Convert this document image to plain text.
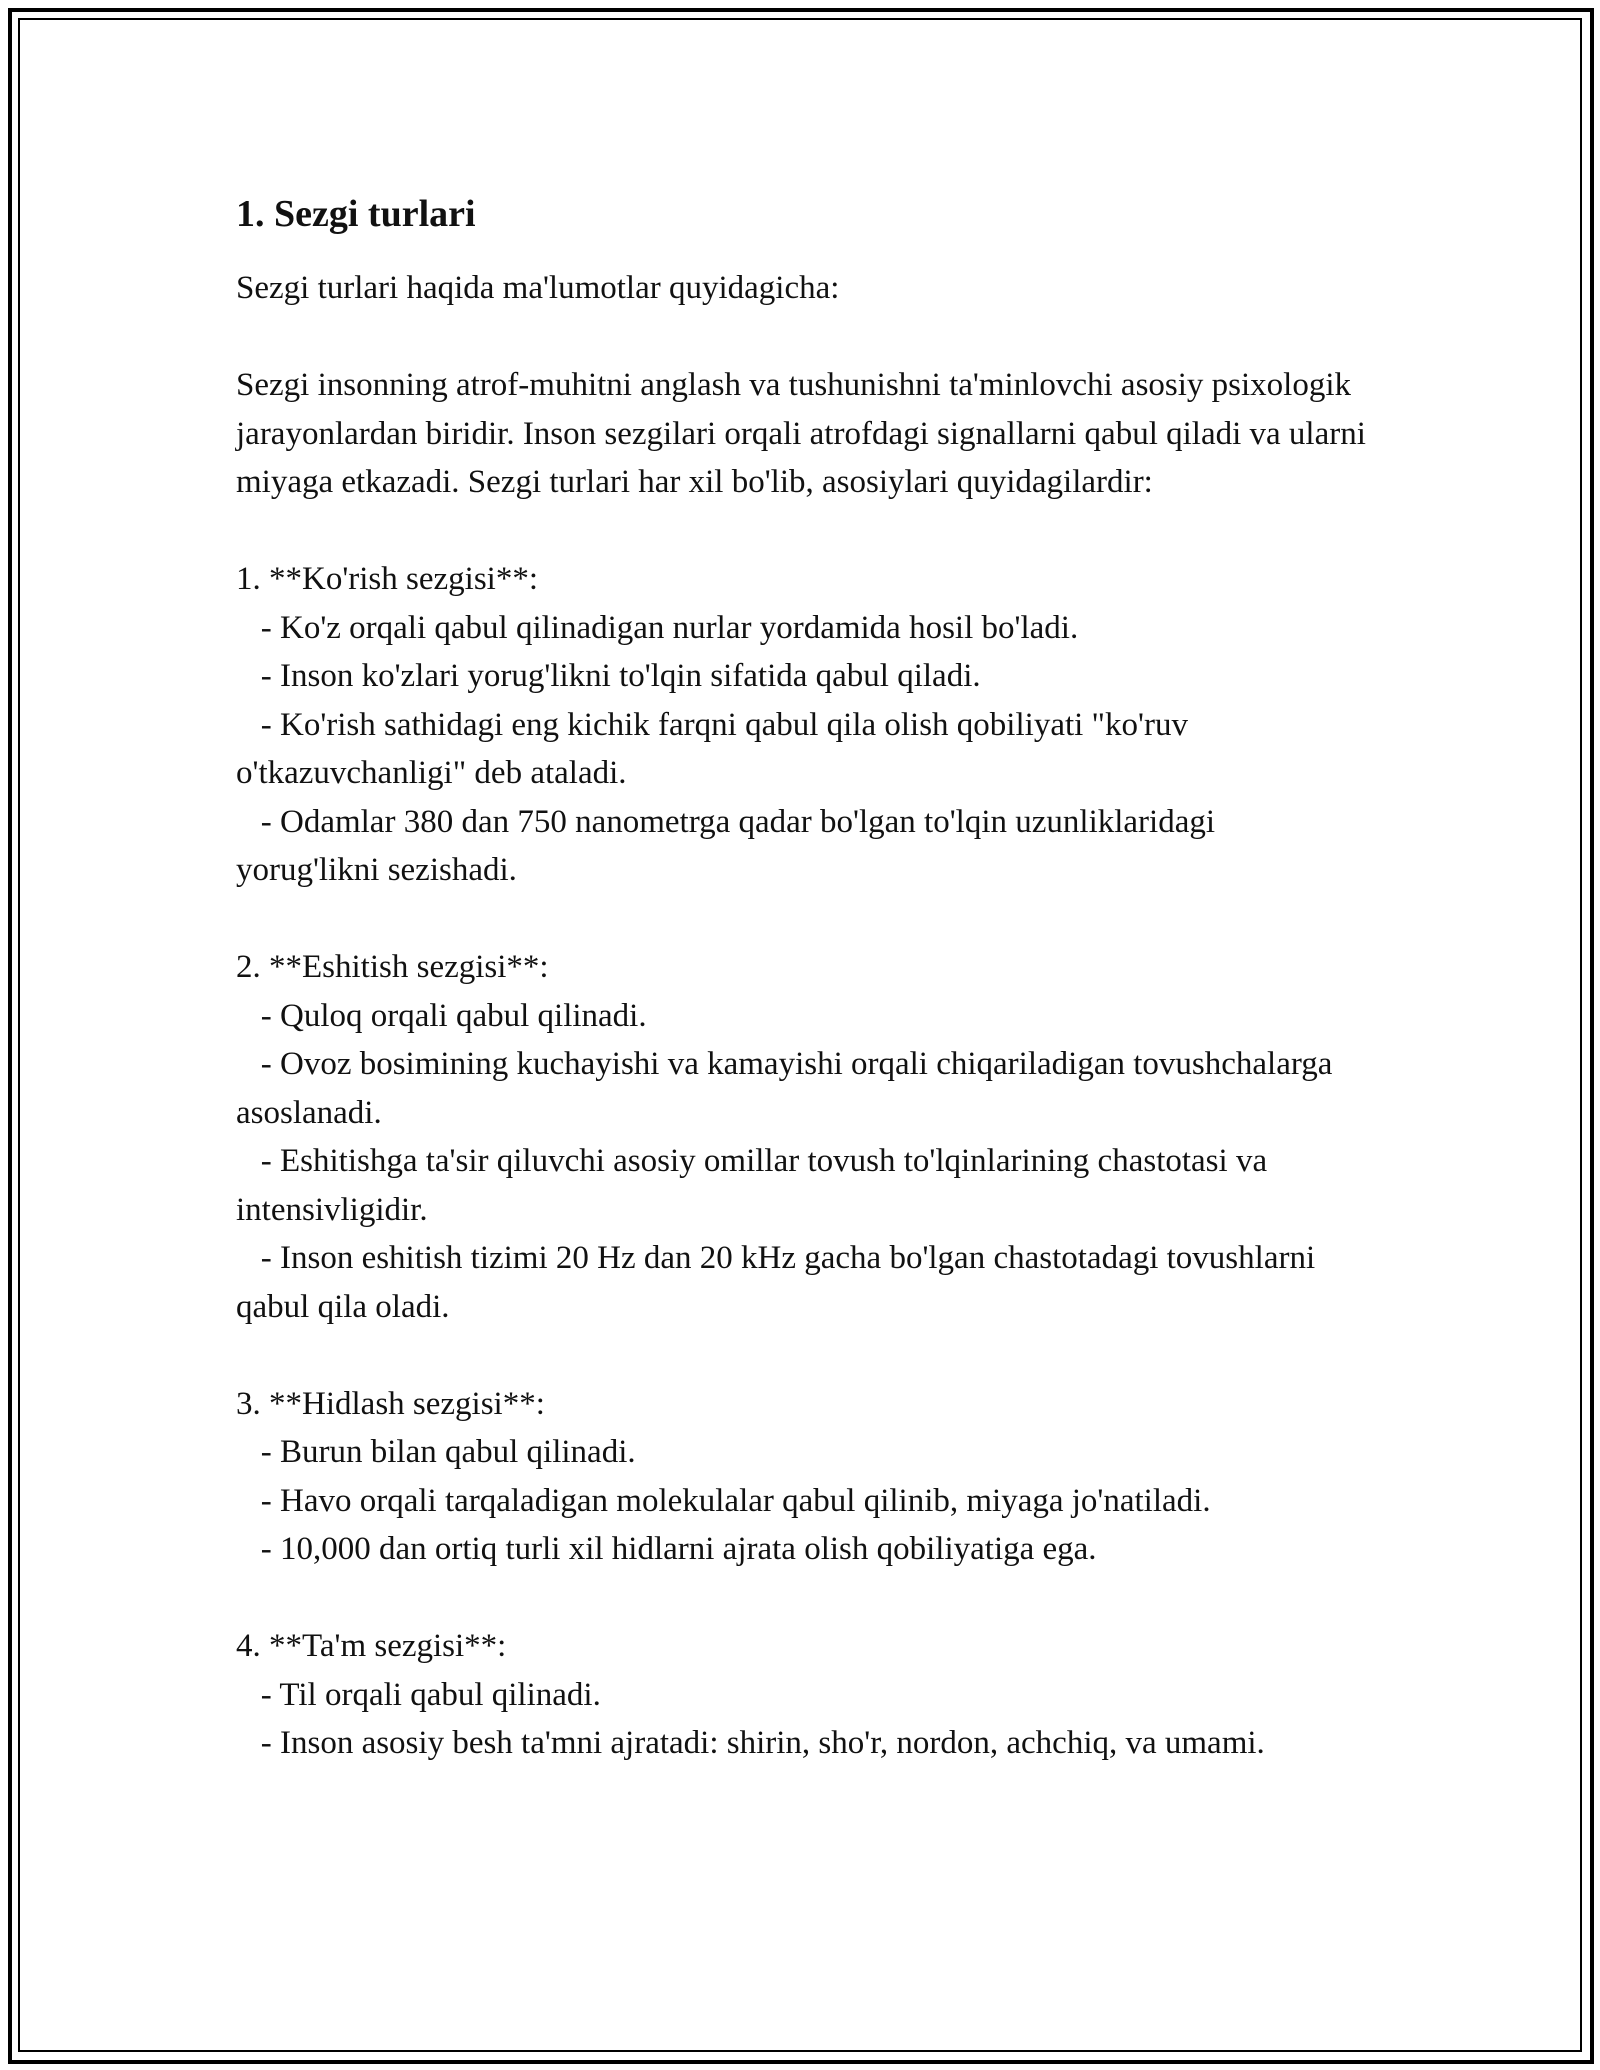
1. Sezgi turlari

Sezgi turlari haqida ma'lumotlar quyidagicha:

Sezgi insonning atrof-muhitni anglash va tushunishni ta'minlovchi asosiy psixologik jarayonlardan biridir. Inson sezgilari orqali atrofdagi signallarni qabul qiladi va ularni miyaga etkazadi. Sezgi turlari har xil bo'lib, asosiylari quyidagilardir:

1. **Ko'rish sezgisi**:

- Ko'z orqali qabul qilinadigan nurlar yordamida hosil bo'ladi.

- Inson ko'zlari yorug'likni to'lqin sifatida qabul qiladi.

- Ko'rish sathidagi eng kichik farqni qabul qila olish qobiliyati "ko'ruv o'tkazuvchanligi" deb ataladi.

- Odamlar 380 dan 750 nanometrga qadar bo'lgan to'lqin uzunliklaridagi yorug'likni sezishadi.

2. **Eshitish sezgisi**:

- Quloq orqali qabul qilinadi.

- Ovoz bosimining kuchayishi va kamayishi orqali chiqariladigan tovushchalarga asoslanadi.

- Eshitishga ta'sir qiluvchi asosiy omillar tovush to'lqinlarining chastotasi va intensivligidir.

- Inson eshitish tizimi 20 Hz dan 20 kHz gacha bo'lgan chastotadagi tovushlarni qabul qila oladi.

3. **Hidlash sezgisi**:

- Burun bilan qabul qilinadi.

- Havo orqali tarqaladigan molekulalar qabul qilinib, miyaga jo'natiladi.

- 10,000 dan ortiq turli xil hidlarni ajrata olish qobiliyatiga ega.

4. **Ta'm sezgisi**:

- Til orqali qabul qilinadi.

- Inson asosiy besh ta'mni ajratadi: shirin, sho'r, nordon, achchiq, va umami.
